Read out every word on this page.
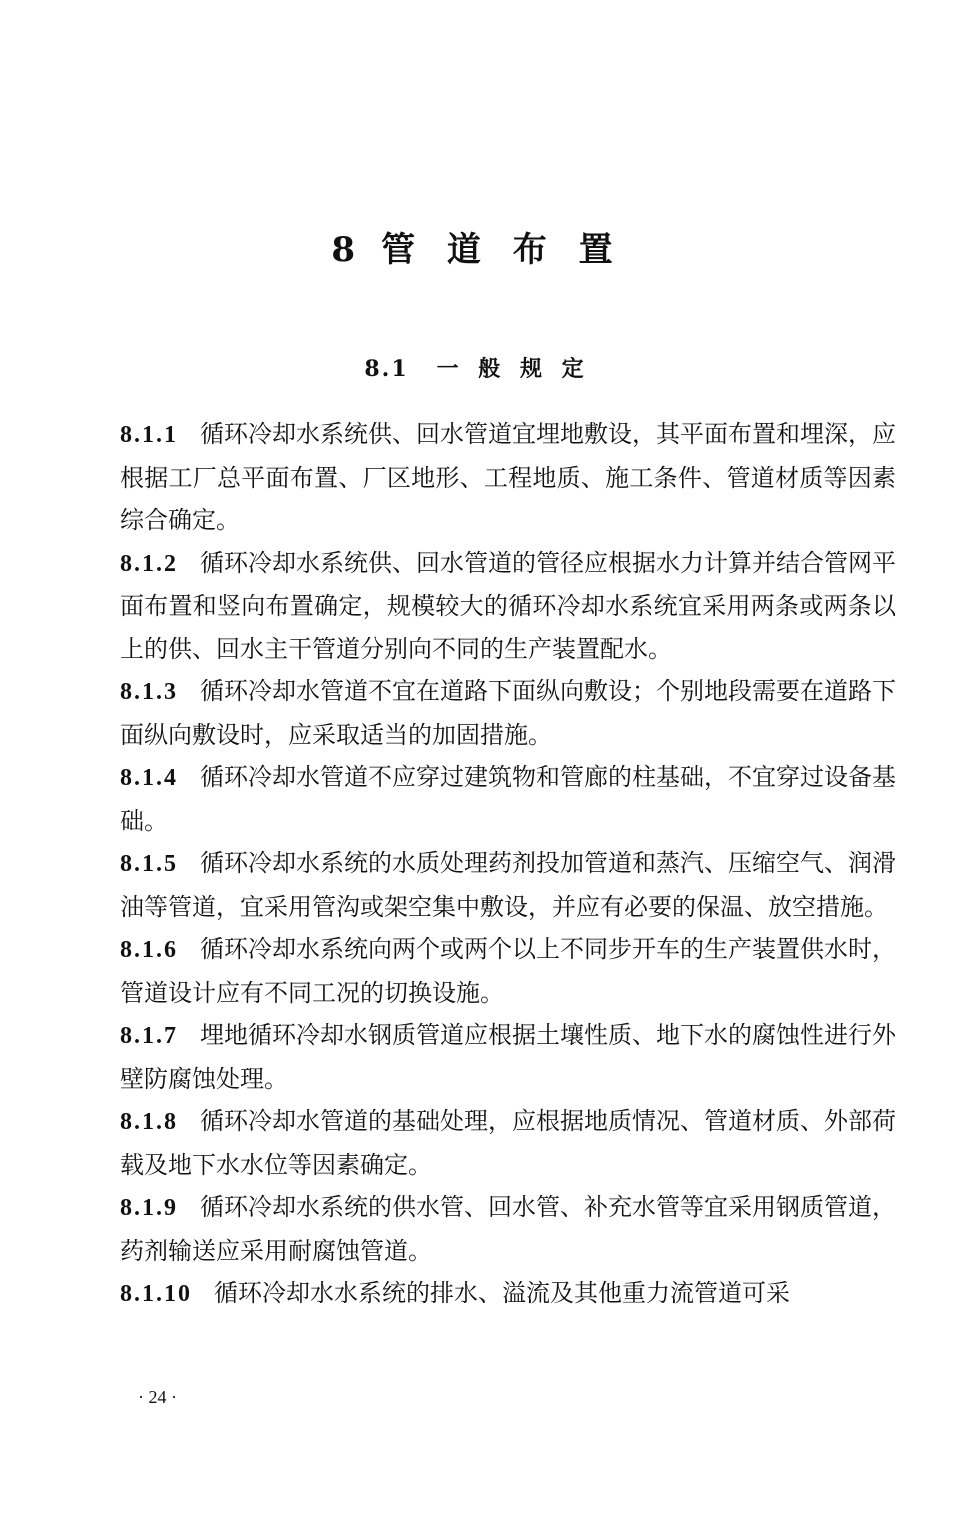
8 管 道 布 置
8.1 一 般 规 定

8.1.1 循环冷却水系统供、回水管道宜埋地敷设，其平面布置和埋深，应根据工厂总平面布置、厂区地形、工程地质、施工条件、管道材质等因素综合确定。

8.1.2 循环冷却水系统供、回水管道的管径应根据水力计算并结合管网平面布置和竖向布置确定，规模较大的循环冷却水系统宜采用两条或两条以上的供、回水主干管道分别向不同的生产装置配水。

8.1.3 循环冷却水管道不宜在道路下面纵向敷设；个别地段需要在道路下面纵向敷设时，应采取适当的加固措施。

8.1.4 循环冷却水管道不应穿过建筑物和管廊的柱基础，不宜穿过设备基础。

8.1.5 循环冷却水系统的水质处理药剂投加管道和蒸汽、压缩空气、润滑油等管道，宜采用管沟或架空集中敷设，并应有必要的保温、放空措施。

8.1.6 循环冷却水系统向两个或两个以上不同步开车的生产装置供水时，管道设计应有不同工况的切换设施。

8.1.7 埋地循环冷却水钢质管道应根据土壤性质、地下水的腐蚀性进行外壁防腐蚀处理。

8.1.8 循环冷却水管道的基础处理，应根据地质情况、管道材质、外部荷载及地下水水位等因素确定。

8.1.9 循环冷却水系统的供水管、回水管、补充水管等宜采用钢质管道，药剂输送应采用耐腐蚀管道。

8.1.10 循环冷却水水系统的排水、溢流及其他重力流管道可采

· 24 ·
